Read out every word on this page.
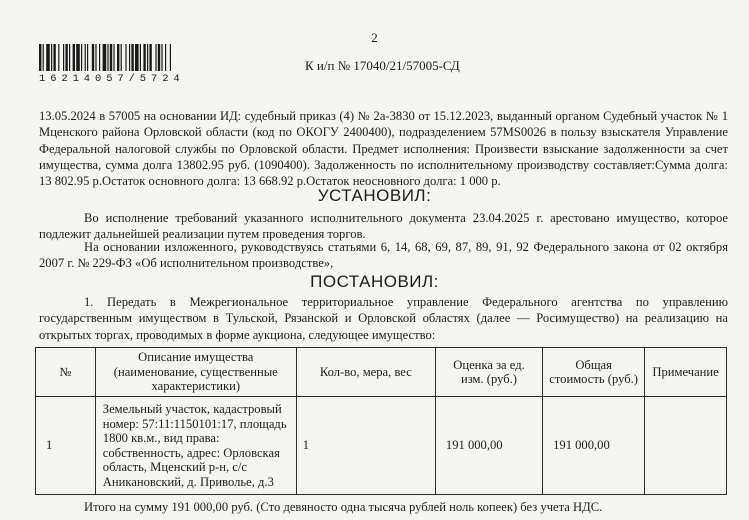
2
16214057/5724
К и/п № 17040/21/57005-СД
13.05.2024 в 57005 на основании ИД: судебный приказ (4) № 2а-3830 от 15.12.2023, выданный органом Судебный участок № 1 Мценского района Орловской области (код по ОКОГУ 2400400), подразделением 57MS0026 в пользу взыскателя Управление Федеральной налоговой службы по Орловской области. Предмет исполнения: Произвести взыскание задолженности за счет имущества, сумма долга 13802.95 руб. (1090400). Задолженность по исполнительному производству составляет:Сумма долга: 13 802.95 р.Остаток основного долга: 13 668.92 р.Остаток неосновного долга: 1 000 р.
УСТАНОВИЛ:
Во исполнение требований указанного исполнительного документа 23.04.2025 г. арестовано имущество, которое подлежит дальнейшей реализации путем проведения торгов.
На основании изложенного, руководствуясь статьями 6, 14, 68, 69, 87, 89, 91, 92 Федерального закона от 02 октября 2007 г. № 229-ФЗ «Об исполнительном производстве»,
ПОСТАНОВИЛ:
1. Передать в Межрегиональное территориальное управление Федерального агентства по управлению государственным имуществом в Тульской, Рязанской и Орловской областях (далее — Росимущество) на реализацию на открытых торгах, проводимых в форме аукциона, следующее имущество:
№	Описание имущества (наименование, существенные характеристики)	Кол-во, мера, вес	Оценка за ед. изм. (руб.)	Общая стоимость (руб.)	Примечание
1	Земельный участок, кадастровый номер: 57:11:1150101:17, площадь 1800 кв.м., вид права: собственность, адрес: Орловская область, Мценский р-н, с/с Аникановский, д. Приволье, д.3	1	191 000,00	191 000,00	
Итого на сумму 191 000,00 руб. (Сто девяносто одна тысяча рублей ноль копеек) без учета НДС.
